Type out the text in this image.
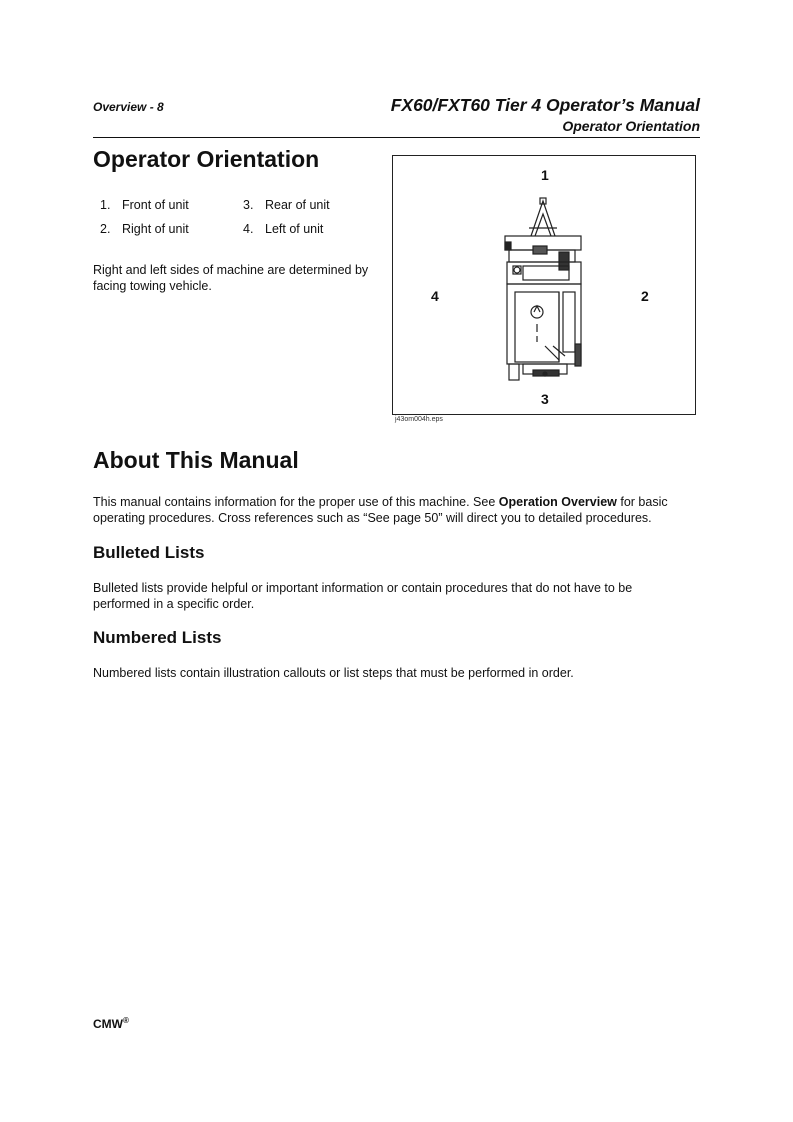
Overview - 8	FX60/FXT60 Tier 4 Operator’s Manual
Operator Orientation
Operator Orientation
1. Front of unit
2. Right of unit
3. Rear of unit
4. Left of unit
Right and left sides of machine are determined by facing towing vehicle.
1
2
3
4
j43om004h.eps
About This Manual
This manual contains information for the proper use of this machine. See Operation Overview for basic operating procedures. Cross references such as “See page 50” will direct you to detailed procedures.
Bulleted Lists
Bulleted lists provide helpful or important information or contain procedures that do not have to be performed in a specific order.
Numbered Lists
Numbered lists contain illustration callouts or list steps that must be performed in order.
CMW®
